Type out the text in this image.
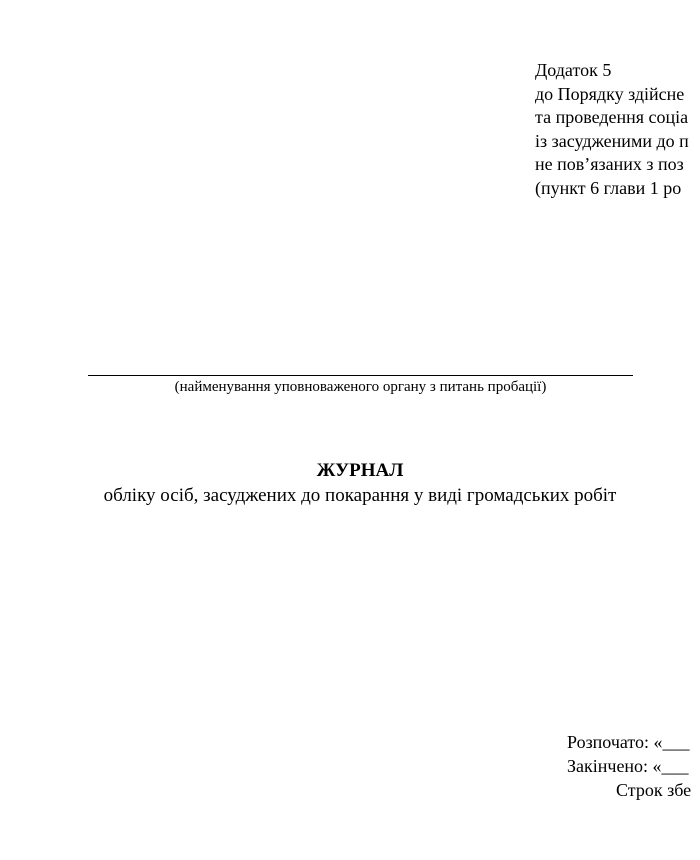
Додаток 5
до Порядку здійсне
та проведення соціа
із засудженими до п
не пов’язаних з поз
(пункт 6 глави 1 ро
(найменування уповноваженого органу з питань пробації)
ЖУРНАЛ
обліку осіб, засуджених до покарання у виді громадських робіт
Розпочато: «___
Закінчено: «___
Строк збе
